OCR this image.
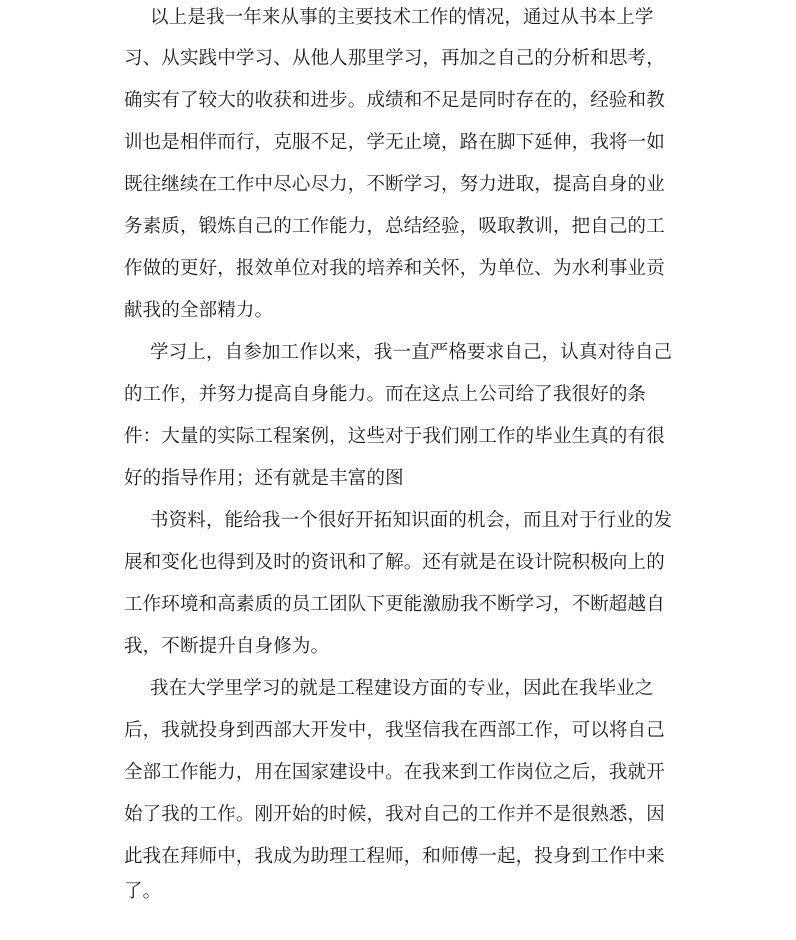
以上是我一年来从事的主要技术工作的情况，通过从书本上学

习、从实践中学习、从他人那里学习，再加之自己的分析和思考，

确实有了较大的收获和进步。成绩和不足是同时存在的，经验和教

训也是相伴而行，克服不足，学无止境，路在脚下延伸，我将一如

既往继续在工作中尽心尽力，不断学习，努力进取，提高自身的业

务素质，锻炼自己的工作能力，总结经验，吸取教训，把自己的工

作做的更好，报效单位对我的培养和关怀，为单位、为水利事业贡

献我的全部精力。

学习上，自参加工作以来，我一直严格要求自己，认真对待自己

的工作，并努力提高自身能力。而在这点上公司给了我很好的条

件：大量的实际工程案例，这些对于我们刚工作的毕业生真的有很

好的指导作用；还有就是丰富的图

书资料，能给我一个很好开拓知识面的机会，而且对于行业的发

展和变化也得到及时的资讯和了解。还有就是在设计院积极向上的

工作环境和高素质的员工团队下更能激励我不断学习，不断超越自

我，不断提升自身修为。

我在大学里学习的就是工程建设方面的专业，因此在我毕业之

后，我就投身到西部大开发中，我坚信我在西部工作，可以将自己

全部工作能力，用在国家建设中。在我来到工作岗位之后，我就开

始了我的工作。刚开始的时候，我对自己的工作并不是很熟悉，因

此我在拜师中，我成为助理工程师，和师傅一起，投身到工作中来

了。
